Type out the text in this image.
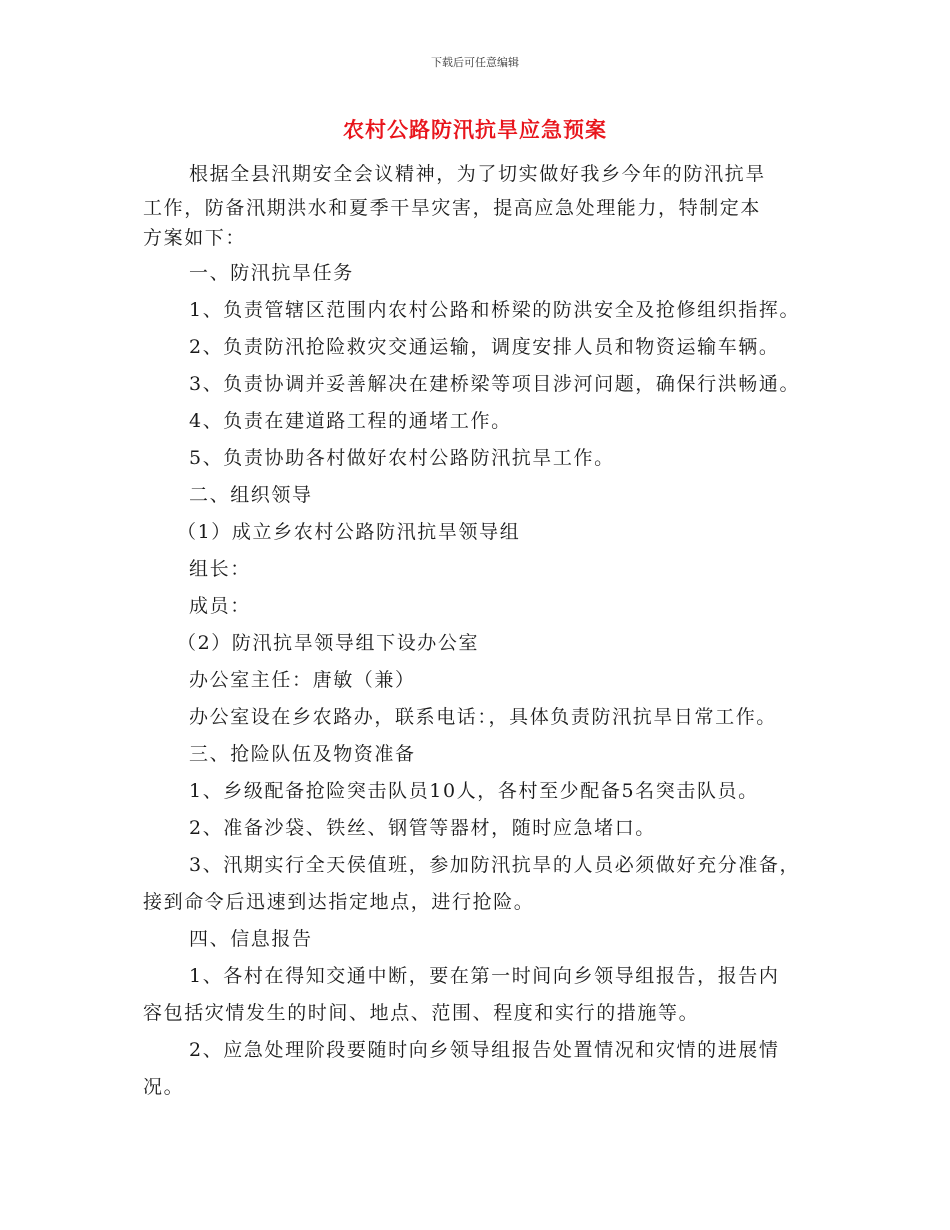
下载后可任意编辑
农村公路防汛抗旱应急预案
根据全县汛期安全会议精神，为了切实做好我乡今年的防汛抗旱
工作，防备汛期洪水和夏季干旱灾害，提高应急处理能力，特制定本
方案如下：
一、防汛抗旱任务
1、负责管辖区范围内农村公路和桥梁的防洪安全及抢修组织指挥。
2、负责防汛抢险救灾交通运输，调度安排人员和物资运输车辆。
3、负责协调并妥善解决在建桥梁等项目涉河问题，确保行洪畅通。
4、负责在建道路工程的通堵工作。
5、负责协助各村做好农村公路防汛抗旱工作。
二、组织领导
（1）成立乡农村公路防汛抗旱领导组
组长：
成员：
（2）防汛抗旱领导组下设办公室
办公室主任：唐敏（兼）
办公室设在乡农路办，联系电话：，具体负责防汛抗旱日常工作。
三、抢险队伍及物资准备
1、乡级配备抢险突击队员10人，各村至少配备5名突击队员。
2、准备沙袋、铁丝、钢管等器材，随时应急堵口。
3、汛期实行全天侯值班，参加防汛抗旱的人员必须做好充分准备，
接到命令后迅速到达指定地点，进行抢险。
四、信息报告
1、各村在得知交通中断，要在第一时间向乡领导组报告，报告内
容包括灾情发生的时间、地点、范围、程度和实行的措施等。
2、应急处理阶段要随时向乡领导组报告处置情况和灾情的进展情
况。
